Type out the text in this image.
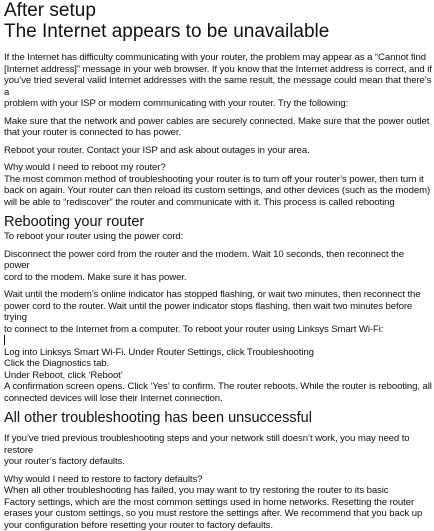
After setup
The Internet appears to be unavailable

If the Internet has difficulty communicating with your router, the problem may appear as a “Cannot find

[Internet address]” message in your web browser. If you know that the Internet address is correct, and if

you’ve tried several valid Internet addresses with the same result, the message could mean that there’s a

problem with your ISP or modem communicating with your router. Try the following:

Make sure that the network and power cables are securely connected. Make sure that the power outlet

that your router is connected to has power.

Reboot your router. Contact your ISP and ask about outages in your area.

Why would I need to reboot my router?

The most common method of troubleshooting your router is to turn off your router’s power, then turn it

back on again. Your router can then reload its custom settings, and other devices (such as the modem)

will be able to “rediscover” the router and communicate with it. This process is called rebooting

Rebooting your router

To reboot your router using the power cord:

Disconnect the power cord from the router and the modem. Wait 10 seconds, then reconnect the power

cord to the modem. Make sure it has power.

Wait until the modem’s online indicator has stopped flashing, or wait two minutes, then reconnect the

power cord to the router. Wait until the power indicator stops flashing, then wait two minutes before trying

to connect to the Internet from a computer. To reboot your router using Linksys Smart Wi-Fi:

Log into Linksys Smart Wi-Fi. Under Router Settings, click Troubleshooting

Click the Diagnostics tab.

Under Reboot, click ‘Reboot’

A confirmation screen opens. Click ‘Yes’ to confirm. The router reboots. While the router is rebooting, all

connected devices will lose their Internet connection.

All other troubleshooting has been unsuccessful

If you’ve tried previous troubleshooting steps and your network still doesn’t work, you may need to restore

your router’s factory defaults.

Why would I need to restore to factory defaults?

When all other troubleshooting has failed, you may want to try restoring the router to its basic

Factory settings, which are the most common settings used in home networks. Resetting the router

erases your custom settings, so you must restore the settings after. We recommend that you back up

your configuration before resetting your router to factory defaults.
